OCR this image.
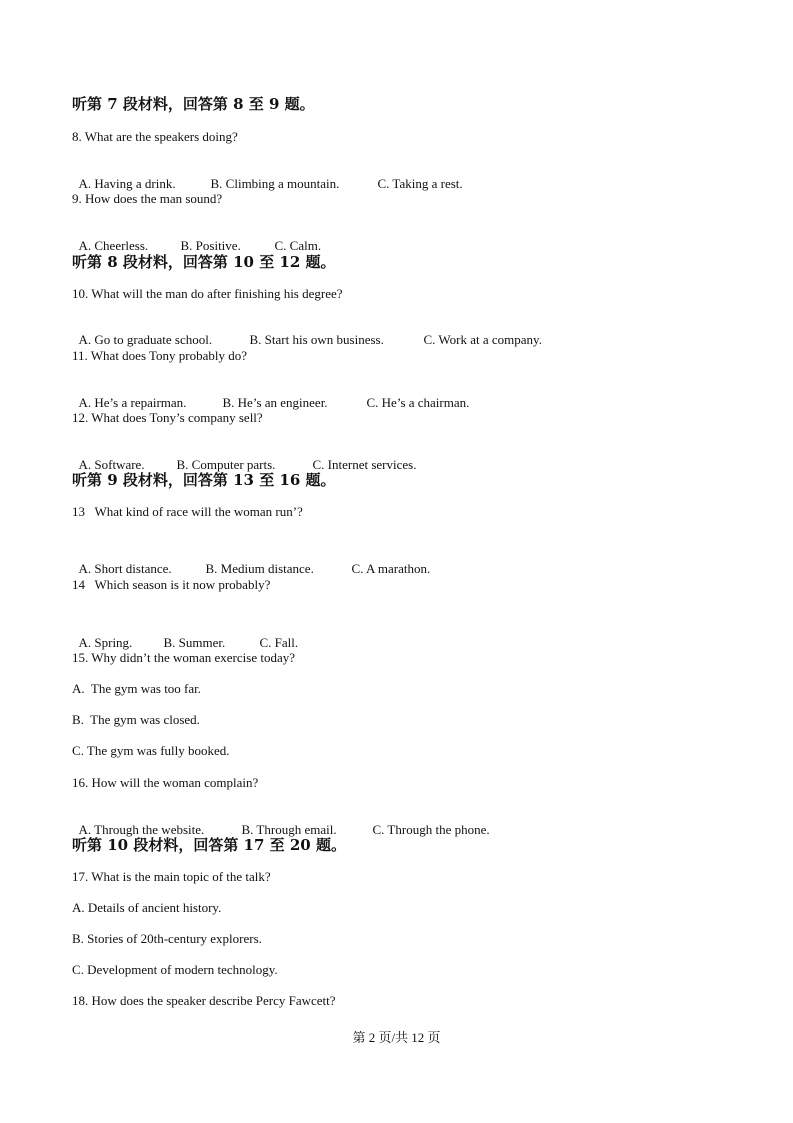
听第 7 段材料，回答第 8 至 9 题。
8. What are the speakers doing?

A. Having a drink.	B. Climbing a mountain.	C. Taking a rest.

9. How does the man sound?

A. Cheerless. B. Positive.	C. Calm.

听第 8 段材料，回答第 10 至 12 题。
10. What will the man do after finishing his degree?

A. Go to graduate school.	B. Start his own business.	C. Work at a company.

11. What does Tony probably do?

A. He’s a repairman.	B. He’s an engineer.	C. He’s a chairman.

12. What does Tony’s company sell?

A. Software. B. Computer parts.	C. Internet services.

听第 9 段材料，回答第 13 至 16 题。
13   What kind of race will the woman run’?

A. Short distance.	B. Medium distance.	C. A marathon.

14   Which season is it now probably?

A. Spring. B. Summer.	C. Fall.

15. Why didn’t the woman exercise today?
A.  The gym was too far.
B.  The gym was closed.
C. The gym was fully booked.
16. How will the woman complain?

A. Through the website.	B. Through email.	C. Through the phone.

听第 10 段材料，回答第 17 至 20 题。
17. What is the main topic of the talk?
A. Details of ancient history.
B. Stories of 20th-century explorers.
C. Development of modern technology.
18. How does the speaker describe Percy Fawcett?
第 2 页/共 12 页
